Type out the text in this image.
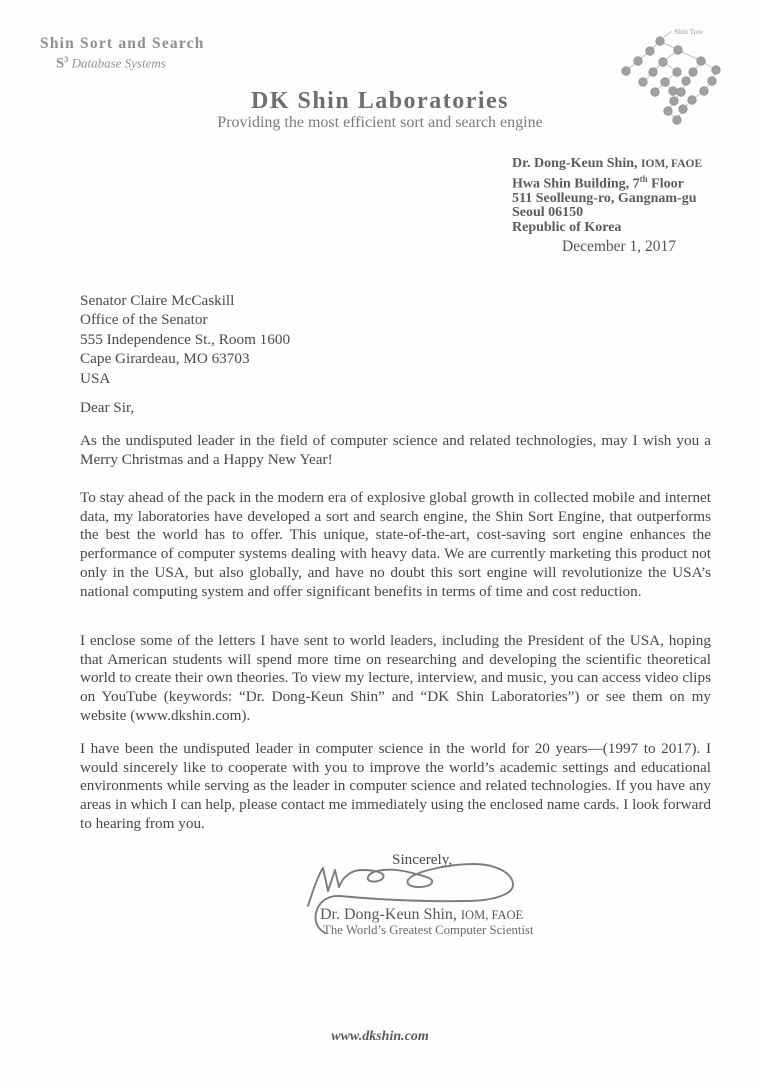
Shin Sort and Search
$S^3$ Database Systems
Shin Tree
DK Shin Laboratories
Providing the most efficient sort and search engine
Dr. Dong-Keun Shin, IOM, FAOE
Hwa Shin Building, 7th Floor
511 Seolleung-ro, Gangnam-gu
Seoul 06150
Republic of Korea
December 1, 2017
Senator Claire McCaskill
Office of the Senator
555 Independence St., Room 1600
Cape Girardeau, MO 63703
USA
Dear Sir,
As the undisputed leader in the field of computer science and related technologies, may I wish you a Merry Christmas and a Happy New Year!
To stay ahead of the pack in the modern era of explosive global growth in collected mobile and internet data, my laboratories have developed a sort and search engine, the Shin Sort Engine, that outperforms the best the world has to offer. This unique, state-of-the-art, cost-saving sort engine enhances the performance of computer systems dealing with heavy data. We are currently marketing this product not only in the USA, but also globally, and have no doubt this sort engine will revolutionize the USA’s national computing system and offer significant benefits in terms of time and cost reduction.
I enclose some of the letters I have sent to world leaders, including the President of the USA, hoping that American students will spend more time on researching and developing the scientific theoretical world to create their own theories. To view my lecture, interview, and music, you can access video clips on YouTube (keywords: “Dr. Dong-Keun Shin” and “DK Shin Laboratories”) or see them on my website (www.dkshin.com).
I have been the undisputed leader in computer science in the world for 20 years—(1997 to 2017). I would sincerely like to cooperate with you to improve the world’s academic settings and educational environments while serving as the leader in computer science and related technologies. If you have any areas in which I can help, please contact me immediately using the enclosed name cards. I look forward to hearing from you.
Sincerely,
Dr. Dong-Keun Shin, IOM, FAOE
The World’s Greatest Computer Scientist
www.dkshin.com
